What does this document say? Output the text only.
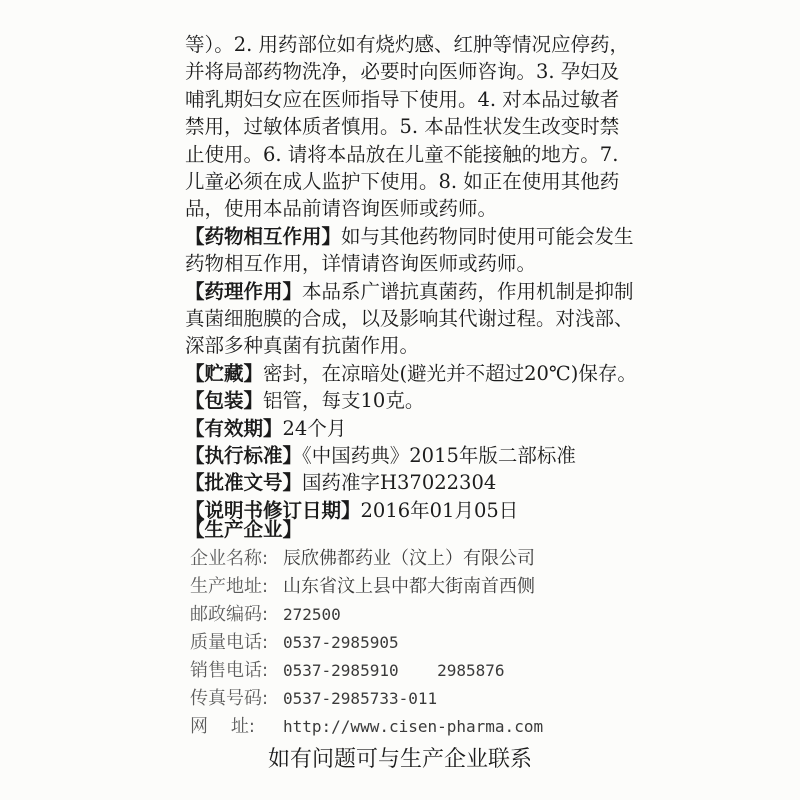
等）。2. 用药部位如有烧灼感、红肿等情况应停药，
并将局部药物洗净，必要时向医师咨询。3. 孕妇及
哺乳期妇女应在医师指导下使用。4. 对本品过敏者
禁用，过敏体质者慎用。5. 本品性状发生改变时禁
止使用。6. 请将本品放在儿童不能接触的地方。7.
儿童必须在成人监护下使用。8. 如正在使用其他药
品，使用本品前请咨询医师或药师。
【药物相互作用】如与其他药物同时使用可能会发生
药物相互作用，详情请咨询医师或药师。
【药理作用】本品系广谱抗真菌药，作用机制是抑制
真菌细胞膜的合成，以及影响其代谢过程。对浅部、
深部多种真菌有抗菌作用。
【贮藏】密封，在凉暗处(避光并不超过20℃)保存。
【包装】铝管，每支10克。
【有效期】24个月
【执行标准】《中国药典》2015年版二部标准
【批准文号】国药准字H37022304
【说明书修订日期】2016年01月05日
【生产企业】
企业名称: 辰欣佛都药业（汶上）有限公司
生产地址: 山东省汶上县中都大街南首西侧
邮政编码: 272500
质量电话: 0537-2985905
销售电话: 0537-2985910    2985876
传真号码: 0537-2985733-011
网    址: http://www.cisen-pharma.com
如有问题可与生产企业联系
